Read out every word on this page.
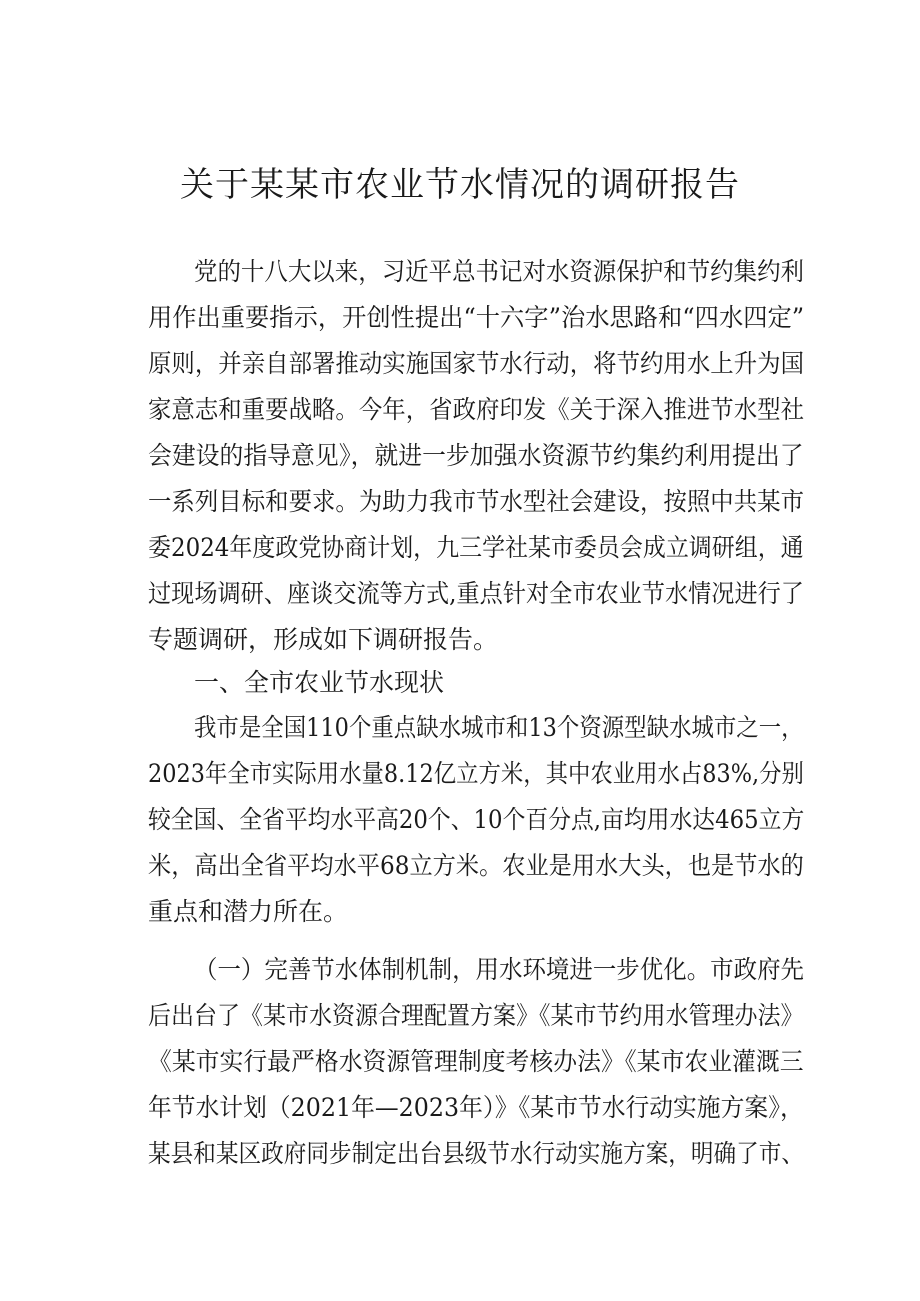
关于某某市农业节水情况的调研报告
党的十八大以来，习近平总书记对水资源保护和节约集约利
用作出重要指示，开创性提出“十六字”治水思路和“四水四定”
原则，并亲自部署推动实施国家节水行动，将节约用水上升为国
家意志和重要战略。今年，省政府印发《关于深入推进节水型社
会建设的指导意见》，就进一步加强水资源节约集约利用提出了
一系列目标和要求。为助力我市节水型社会建设，按照中共某市
委2024年度政党协商计划，九三学社某市委员会成立调研组，通
过现场调研、座谈交流等方式,重点针对全市农业节水情况进行了
专题调研，形成如下调研报告。
一、全市农业节水现状
我市是全国110个重点缺水城市和13个资源型缺水城市之一，
2023年全市实际用水量8.12亿立方米，其中农业用水占83%,分别
较全国、全省平均水平高20个、10个百分点,亩均用水达465立方
米，高出全省平均水平68立方米。农业是用水大头，也是节水的
重点和潜力所在。
（一）完善节水体制机制，用水环境进一步优化。市政府先
后出台了《某市水资源合理配置方案》《某市节约用水管理办法》
《某市实行最严格水资源管理制度考核办法》《某市农业灌溉三
年节水计划（2021年—2023年）》《某市节水行动实施方案》，
某县和某区政府同步制定出台县级节水行动实施方案，明确了市、
